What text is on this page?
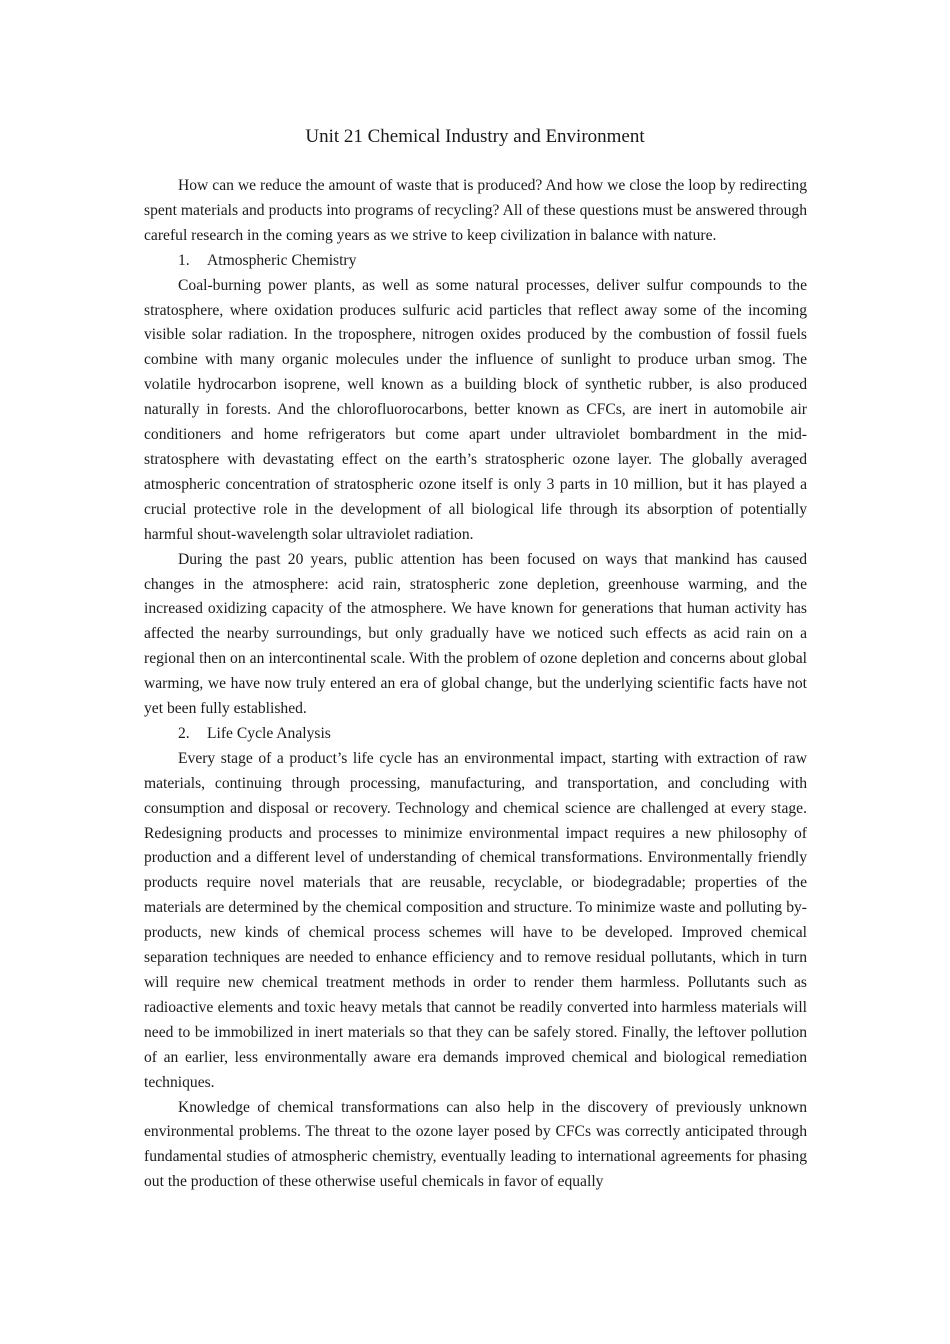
Unit 21 Chemical Industry and Environment

How can we reduce the amount of waste that is produced? And how we close the loop by redirecting spent materials and products into programs of recycling? All of these questions must be answered through careful research in the coming years as we strive to keep civilization in balance with nature.

1. Atmospheric Chemistry

Coal-burning power plants, as well as some natural processes, deliver sulfur compounds to the stratosphere, where oxidation produces sulfuric acid particles that reflect away some of the incoming visible solar radiation. In the troposphere, nitrogen oxides produced by the combustion of fossil fuels combine with many organic molecules under the influence of sunlight to produce urban smog. The volatile hydrocarbon isoprene, well known as a building block of synthetic rubber, is also produced naturally in forests. And the chlorofluorocarbons, better known as CFCs, are inert in automobile air conditioners and home refrigerators but come apart under ultraviolet bombardment in the mid-stratosphere with devastating effect on the earth’s stratospheric ozone layer. The globally averaged atmospheric concentration of stratospheric ozone itself is only 3 parts in 10 million, but it has played a crucial protective role in the development of all biological life through its absorption of potentially harmful shout-wavelength solar ultraviolet radiation.

During the past 20 years, public attention has been focused on ways that mankind has caused changes in the atmosphere: acid rain, stratospheric zone depletion, greenhouse warming, and the increased oxidizing capacity of the atmosphere. We have known for generations that human activity has affected the nearby surroundings, but only gradually have we noticed such effects as acid rain on a regional then on an intercontinental scale. With the problem of ozone depletion and concerns about global warming, we have now truly entered an era of global change, but the underlying scientific facts have not yet been fully established.

2. Life Cycle Analysis

Every stage of a product’s life cycle has an environmental impact, starting with extraction of raw materials, continuing through processing, manufacturing, and transportation, and concluding with consumption and disposal or recovery. Technology and chemical science are challenged at every stage. Redesigning products and processes to minimize environmental impact requires a new philosophy of production and a different level of understanding of chemical transformations. Environmentally friendly products require novel materials that are reusable, recyclable, or biodegradable; properties of the materials are determined by the chemical composition and structure. To minimize waste and polluting by-products, new kinds of chemical process schemes will have to be developed. Improved chemical separation techniques are needed to enhance efficiency and to remove residual pollutants, which in turn will require new chemical treatment methods in order to render them harmless. Pollutants such as radioactive elements and toxic heavy metals that cannot be readily converted into harmless materials will need to be immobilized in inert materials so that they can be safely stored. Finally, the leftover pollution of an earlier, less environmentally aware era demands improved chemical and biological remediation techniques.

Knowledge of chemical transformations can also help in the discovery of previously unknown environmental problems. The threat to the ozone layer posed by CFCs was correctly anticipated through fundamental studies of atmospheric chemistry, eventually leading to international agreements for phasing out the production of these otherwise useful chemicals in favor of equally
